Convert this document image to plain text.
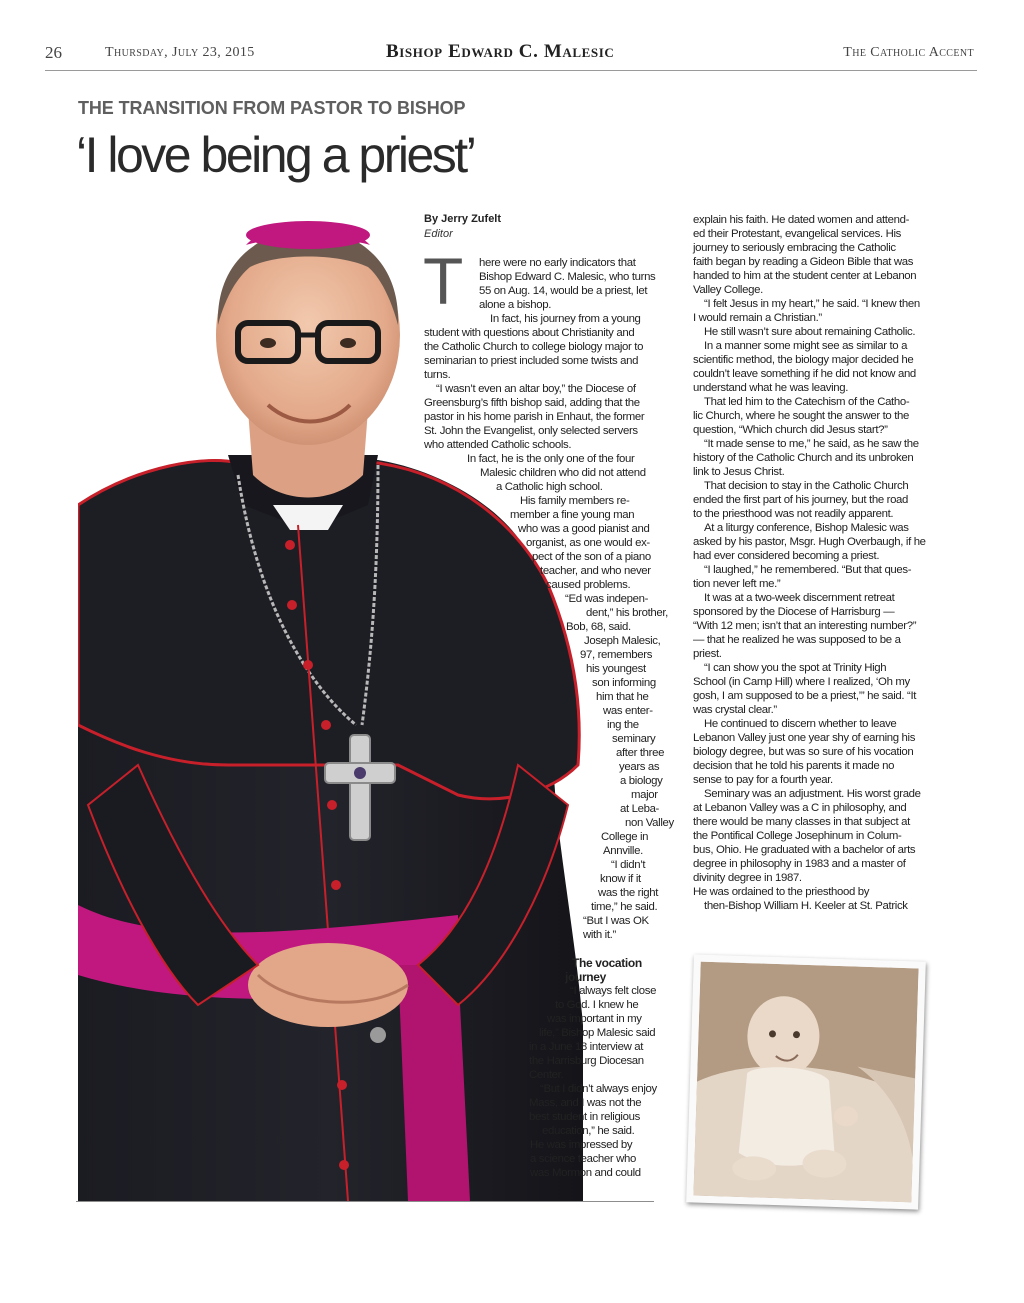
26	Thursday, July 23, 2015	Bishop Edward C. Malesic	The Catholic Accent
THE TRANSITION FROM PASTOR TO BISHOP
‘I love being a priest’
By Jerry Zufelt
Editor
T	here were no early indicators that
Bishop Edward C. Malesic, who turns
55 on Aug. 14, would be a priest, let
alone a bishop.
In fact, his journey from a young
student with questions about Christianity and
the Catholic Church to college biology major to
seminarian to priest included some twists and
turns.
“I wasn’t even an altar boy,” the Diocese of
Greensburg’s fifth bishop said, adding that the
pastor in his home parish in Enhaut, the former
St. John the Evangelist, only selected servers
who attended Catholic schools.
In fact, he is the only one of the four
Malesic children who did not attend
a Catholic high school.
His family members re-
member a fine young man
who was a good pianist and
organist, as one would ex-
pect of the son of a piano
teacher, and who never
caused problems.
“Ed was indepen-
dent,” his brother,
Bob, 68, said.
Joseph Malesic,
97, remembers
his youngest
son informing
him that he
was enter-
ing the
seminary
after three
years as
a biology
major
at Leba-
non Valley
College in
Annville.
“I didn’t
know if it
was the right
time,” he said.
“But I was OK
with it.”
The vocation
journey
“I always felt close
to God. I knew he
was important in my
life,” Bishop Malesic said
in a June 18 interview at
the Harrisburg Diocesan
Center.
“But I didn’t always enjoy
Mass, and I was not the
best student in religious
education,” he said.
He was impressed by
a science teacher who
was Mormon and could
explain his faith. He dated women and attend-
ed their Protestant, evangelical services. His
journey to seriously embracing the Catholic
faith began by reading a Gideon Bible that was
handed to him at the student center at Lebanon
Valley College.
“I felt Jesus in my heart,” he said. “I knew then
I would remain a Christian.”
He still wasn’t sure about remaining Catholic.
In a manner some might see as similar to a
scientific method, the biology major decided he
couldn’t leave something if he did not know and
understand what he was leaving.
That led him to the Catechism of the Catho-
lic Church, where he sought the answer to the
question, “Which church did Jesus start?”
“It made sense to me,” he said, as he saw the
history of the Catholic Church and its unbroken
link to Jesus Christ.
That decision to stay in the Catholic Church
ended the first part of his journey, but the road
to the priesthood was not readily apparent.
At a liturgy conference, Bishop Malesic was
asked by his pastor, Msgr. Hugh Overbaugh, if he
had ever considered becoming a priest.
“I laughed,” he remembered. “But that ques-
tion never left me.”
It was at a two-week discernment retreat
sponsored by the Diocese of Harrisburg —
“With 12 men; isn’t that an interesting number?”
— that he realized he was supposed to be a
priest.
“I can show you the spot at Trinity High
School (in Camp Hill) where I realized, ‘Oh my
gosh, I am supposed to be a priest,’” he said. “It
was crystal clear.”
He continued to discern whether to leave
Lebanon Valley just one year shy of earning his
biology degree, but was so sure of his vocation
decision that he told his parents it made no
sense to pay for a fourth year.
Seminary was an adjustment. His worst grade
at Lebanon Valley was a C in philosophy, and
there would be many classes in that subject at
the Pontifical College Josephinum in Colum-
bus, Ohio. He graduated with a bachelor of arts
degree in philosophy in 1983 and a master of
divinity degree in 1987.
He was ordained to the priesthood by
then-Bishop William H. Keeler at St. Patrick
